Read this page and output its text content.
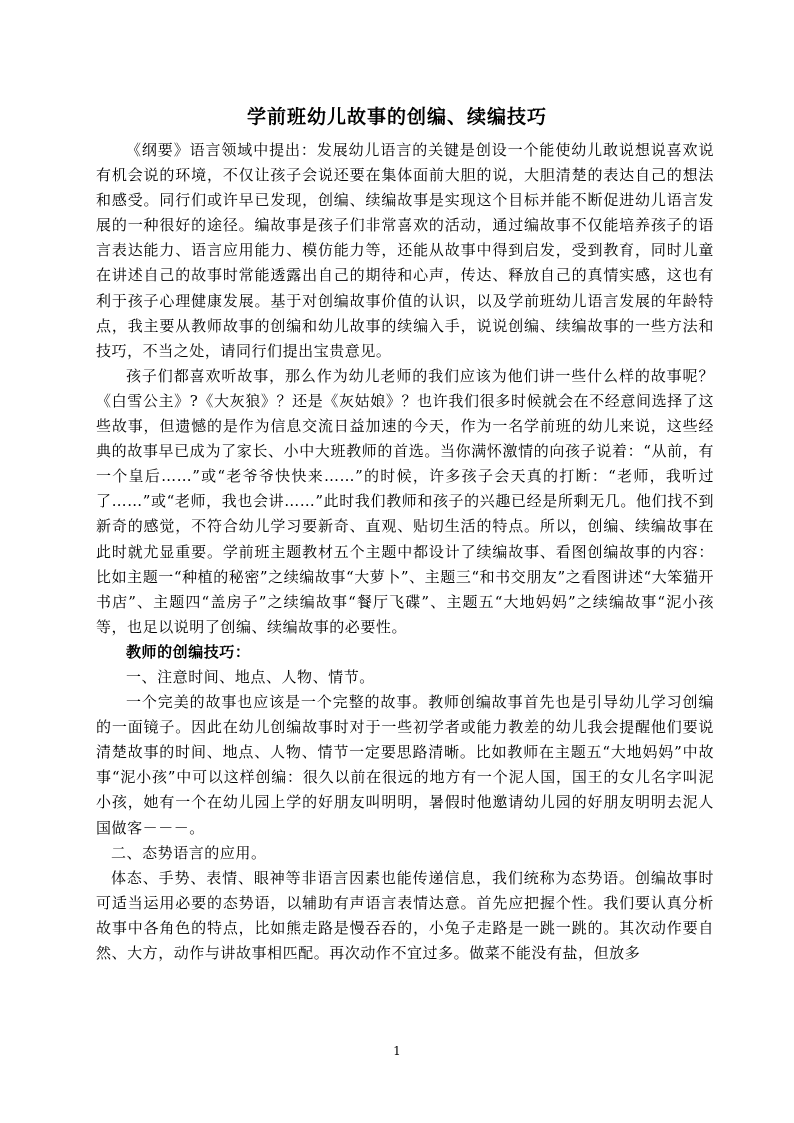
学前班幼儿故事的创编、续编技巧

《纲要》语言领域中提出：发展幼儿语言的关键是创设一个能使幼儿敢说想说喜欢说有机会说的环境，不仅让孩子会说还要在集体面前大胆的说，大胆清楚的表达自己的想法和感受。同行们或许早已发现，创编、续编故事是实现这个目标并能不断促进幼儿语言发展的一种很好的途径。编故事是孩子们非常喜欢的活动，通过编故事不仅能培养孩子的语言表达能力、语言应用能力、模仿能力等，还能从故事中得到启发，受到教育，同时儿童在讲述自己的故事时常能透露出自己的期待和心声，传达、释放自己的真情实感，这也有利于孩子心理健康发展。基于对创编故事价值的认识，以及学前班幼儿语言发展的年龄特点，我主要从教师故事的创编和幼儿故事的续编入手，说说创编、续编故事的一些方法和技巧，不当之处，请同行们提出宝贵意见。

孩子们都喜欢听故事，那么作为幼儿老师的我们应该为他们讲一些什么样的故事呢？《白雪公主》?《大灰狼》？还是《灰姑娘》？也许我们很多时候就会在不经意间选择了这些故事，但遗憾的是作为信息交流日益加速的今天，作为一名学前班的幼儿来说，这些经典的故事早已成为了家长、小中大班教师的首选。当你满怀激情的向孩子说着：“从前，有一个皇后……”或“老爷爷快快来……”的时候，许多孩子会天真的打断：“老师，我听过了……”或“老师，我也会讲……”此时我们教师和孩子的兴趣已经是所剩无几。他们找不到新奇的感觉，不符合幼儿学习要新奇、直观、贴切生活的特点。所以，创编、续编故事在此时就尤显重要。学前班主题教材五个主题中都设计了续编故事、看图创编故事的内容：比如主题一“种植的秘密”之续编故事“大萝卜”、主题三“和书交朋友”之看图讲述“大笨猫开书店”、主题四“盖房子”之续编故事“餐厅飞碟”、主题五“大地妈妈”之续编故事“泥小孩等，也足以说明了创编、续编故事的必要性。

教师的创编技巧：

一、注意时间、地点、人物、情节。

一个完美的故事也应该是一个完整的故事。教师创编故事首先也是引导幼儿学习创编的一面镜子。因此在幼儿创编故事时对于一些初学者或能力教差的幼儿我会提醒他们要说清楚故事的时间、地点、人物、情节一定要思路清晰。比如教师在主题五“大地妈妈”中故事“泥小孩”中可以这样创编：很久以前在很远的地方有一个泥人国，国王的女儿名字叫泥小孩，她有一个在幼儿园上学的好朋友叫明明，暑假时他邀请幼儿园的好朋友明明去泥人国做客－－－。

二、态势语言的应用。

体态、手势、表情、眼神等非语言因素也能传递信息，我们统称为态势语。创编故事时可适当运用必要的态势语，以辅助有声语言表情达意。首先应把握个性。我们要认真分析故事中各角色的特点，比如熊走路是慢吞吞的，小兔子走路是一跳一跳的。其次动作要自然、大方，动作与讲故事相匹配。再次动作不宜过多。做菜不能没有盐，但放多

1
